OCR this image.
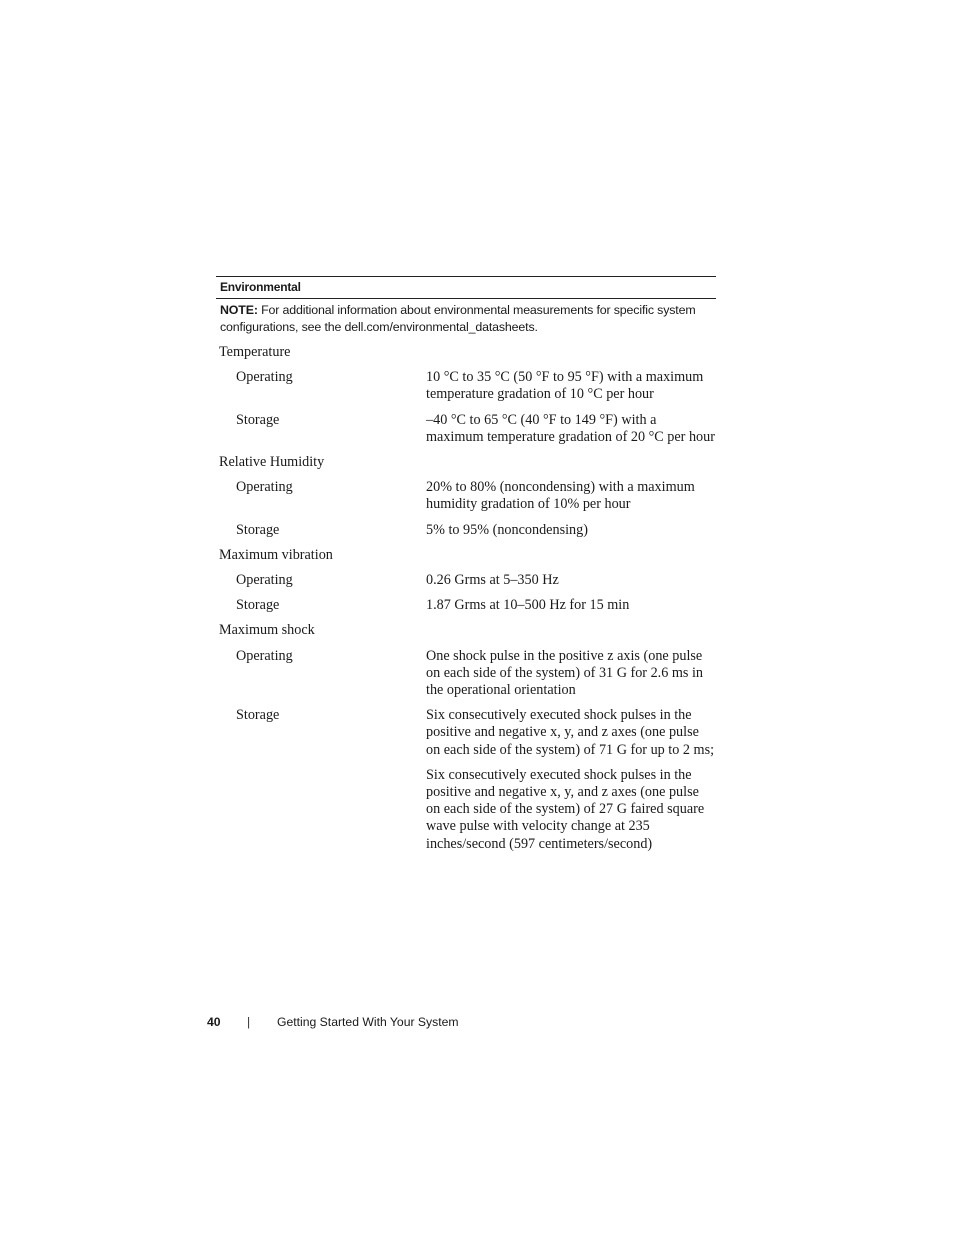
Environmental
NOTE: For additional information about environmental measurements for specific system configurations, see the dell.com/environmental_datasheets.
Temperature
Operating	10 °C to 35 °C (50 °F to 95 °F) with a maximum temperature gradation of 10 °C per hour

Storage	–40 °C to 65 °C (40 °F to 149 °F) with a maximum temperature gradation of 20 °C per hour

Relative Humidity
Operating	20% to 80% (noncondensing) with a maximum humidity gradation of 10% per hour

Storage	5% to 95% (noncondensing)

Maximum vibration
Operating	0.26 Grms at 5–350 Hz

Storage	1.87 Grms at 10–500 Hz for 15 min

Maximum shock
Operating	One shock pulse in the positive z axis (one pulse on each side of the system) of 31 G for 2.6 ms in the operational orientation

Storage	Six consecutively executed shock pulses in the positive and negative x, y, and z axes (one pulse on each side of the system) of 71 G for up to 2 ms;

Six consecutively executed shock pulses in the positive and negative x, y, and z axes (one pulse on each side of the system) of 27 G faired square wave pulse with velocity change at 235 inches/second (597 centimeters/second)

40	|	Getting Started With Your System
